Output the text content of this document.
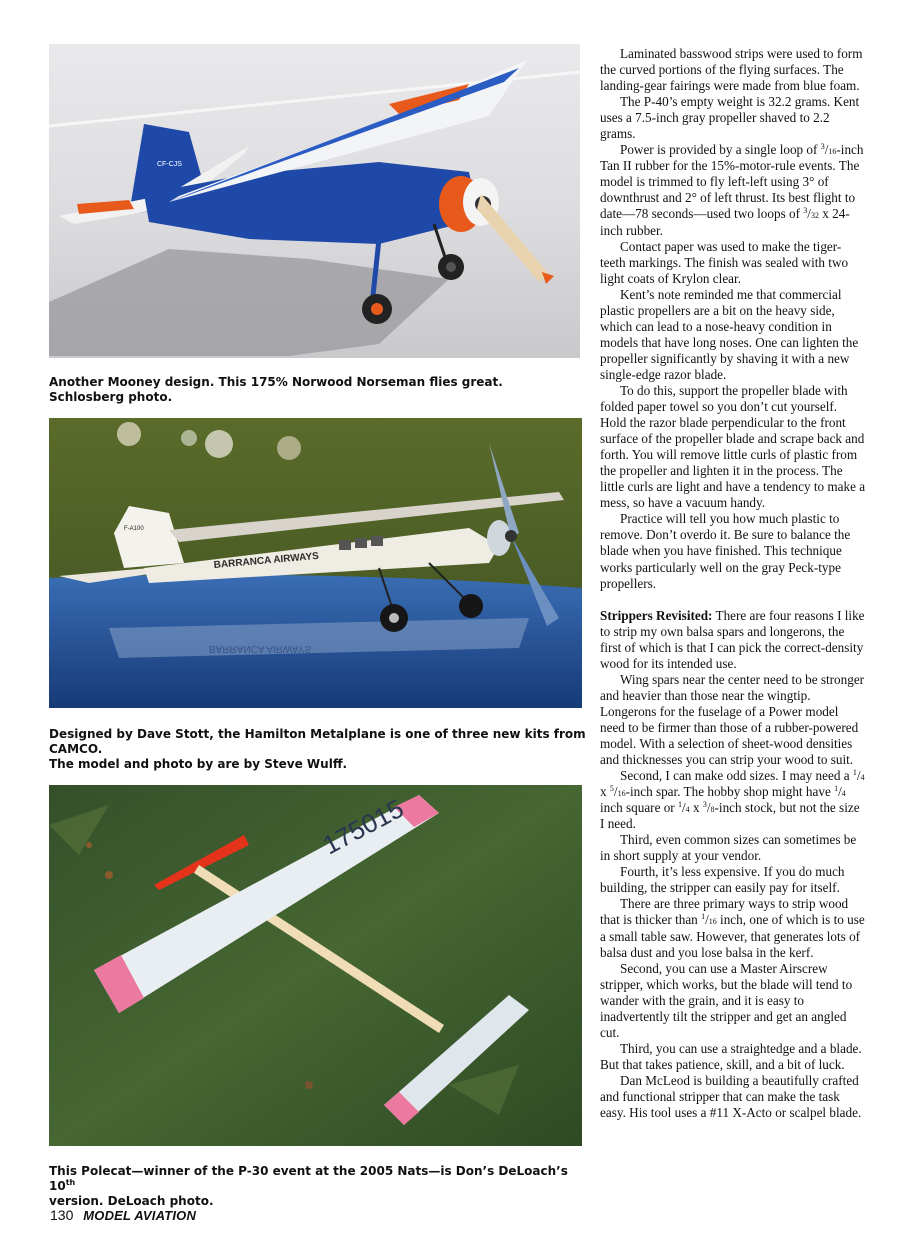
CF-CJS
Another Mooney design. This 175% Norwood Norseman flies great. Schlosberg photo.
BARRANCA AIRWAYS
F-A100
BARRANCA AIRWAYS
Designed by Dave Stott, the Hamilton Metalplane is one of three new kits from CAMCO.
The model and photo by are by Steve Wulff.
175015
This Polecat—winner of the P-30 event at the 2005 Nats—is Don’s DeLoach’s 10th
version. DeLoach photo.

Laminated basswood strips were used to form the curved portions of the flying surfaces. The landing-gear fairings were made from blue foam.

The P-40’s empty weight is 32.2 grams. Kent uses a 7.5-inch gray propeller shaved to 2.2 grams.

Power is provided by a single loop of $^3$/16-inch Tan II rubber for the 15%-motor-rule events. The model is trimmed to fly left-left using 3° of downthrust and 2° of left thrust. Its best flight to date—78 seconds—used two loops of $^3$/32 x 24-inch rubber.

Contact paper was used to make the tiger-teeth markings. The finish was sealed with two light coats of Krylon clear.

Kent’s note reminded me that commercial plastic propellers are a bit on the heavy side, which can lead to a nose-heavy condition in models that have long noses. One can lighten the propeller significantly by shaving it with a new single-edge razor blade.

To do this, support the propeller blade with folded paper towel so you don’t cut yourself. Hold the razor blade perpendicular to the front surface of the propeller blade and scrape back and forth. You will remove little curls of plastic from the propeller and lighten it in the process. The little curls are light and have a tendency to make a mess, so have a vacuum handy.

Practice will tell you how much plastic to remove. Don’t overdo it. Be sure to balance the blade when you have finished. This technique works particularly well on the gray Peck-type propellers.

Strippers Revisited: There are four reasons I like to strip my own balsa spars and longerons, the first of which is that I can pick the correct-density wood for its intended use.

Wing spars near the center need to be stronger and heavier than those near the wingtip. Longerons for the fuselage of a Power model need to be firmer than those of a rubber-powered model. With a selection of sheet-wood densities and thicknesses you can strip your wood to suit.

Second, I can make odd sizes. I may need a $^1$/4 x $^5$/16-inch spar. The hobby shop might have $^1$/4 inch square or $^1$/4 x $^3$/8-inch stock, but not the size I need.

Third, even common sizes can sometimes be in short supply at your vendor.

Fourth, it’s less expensive. If you do much building, the stripper can easily pay for itself.

There are three primary ways to strip wood that is thicker than $^1$/16 inch, one of which is to use a small table saw. However, that generates lots of balsa dust and you lose balsa in the kerf.

Second, you can use a Master Airscrew stripper, which works, but the blade will tend to wander with the grain, and it is easy to inadvertently tilt the stripper and get an angled cut.

Third, you can use a straightedge and a blade. But that takes patience, skill, and a bit of luck.

Dan McLeod is building a beautifully crafted and functional stripper that can make the task easy. His tool uses a #11 X-Acto or scalpel blade.

130 MODEL AVIATION
